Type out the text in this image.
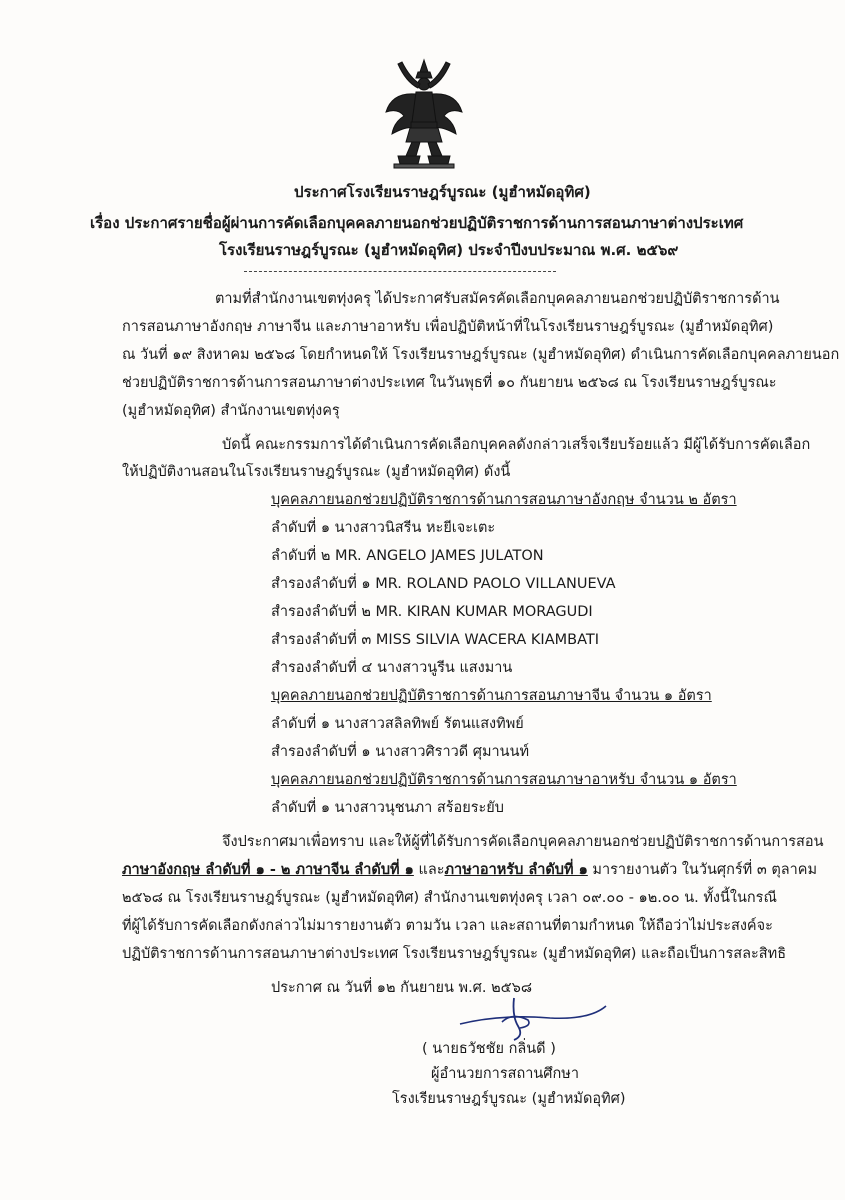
ประกาศโรงเรียนราษฎร์บูรณะ (มูฮำหมัดอุทิศ)
เรื่อง ประกาศรายชื่อผู้ผ่านการคัดเลือกบุคคลภายนอกช่วยปฏิบัติราชการด้านการสอนภาษาต่างประเทศ
โรงเรียนราษฎร์บูรณะ (มูฮำหมัดอุทิศ) ประจำปีงบประมาณ พ.ศ. ๒๕๖๙
ตามที่สำนักงานเขตทุ่งครุ ได้ประกาศรับสมัครคัดเลือกบุคคลภายนอกช่วยปฏิบัติราชการด้าน
การสอนภาษาอังกฤษ ภาษาจีน และภาษาอาหรับ เพื่อปฏิบัติหน้าที่ในโรงเรียนราษฎร์บูรณะ (มูฮำหมัดอุทิศ)
ณ วันที่ ๑๙ สิงหาคม ๒๕๖๘ โดยกำหนดให้ โรงเรียนราษฎร์บูรณะ (มูฮำหมัดอุทิศ) ดำเนินการคัดเลือกบุคคลภายนอก
ช่วยปฏิบัติราชการด้านการสอนภาษาต่างประเทศ ในวันพุธที่ ๑๐ กันยายน ๒๕๖๘ ณ โรงเรียนราษฎร์บูรณะ
(มูฮำหมัดอุทิศ) สำนักงานเขตทุ่งครุ
บัดนี้ คณะกรรมการได้ดำเนินการคัดเลือกบุคคลดังกล่าวเสร็จเรียบร้อยแล้ว มีผู้ได้รับการคัดเลือก
ให้ปฏิบัติงานสอนในโรงเรียนราษฎร์บูรณะ (มูฮำหมัดอุทิศ) ดังนี้
บุคคลภายนอกช่วยปฏิบัติราชการด้านการสอนภาษาอังกฤษ จำนวน ๒ อัตรา
ลำดับที่ ๑ นางสาวนิสรีน หะยีเจะเตะ
ลำดับที่ ๒ MR. ANGELO JAMES JULATON
สำรองลำดับที่ ๑ MR. ROLAND PAOLO VILLANUEVA
สำรองลำดับที่ ๒ MR. KIRAN KUMAR MORAGUDI
สำรองลำดับที่ ๓ MISS SILVIA WACERA KIAMBATI
สำรองลำดับที่ ๔ นางสาวนูรีน แสงมาน
บุคคลภายนอกช่วยปฏิบัติราชการด้านการสอนภาษาจีน จำนวน ๑ อัตรา
ลำดับที่ ๑ นางสาวสลิลทิพย์ รัตนแสงทิพย์
สำรองลำดับที่ ๑ นางสาวศิราวดี ศุมานนท์
บุคคลภายนอกช่วยปฏิบัติราชการด้านการสอนภาษาอาหรับ จำนวน ๑ อัตรา
ลำดับที่ ๑ นางสาวนุชนภา สร้อยระยับ
จึงประกาศมาเพื่อทราบ และให้ผู้ที่ได้รับการคัดเลือกบุคคลภายนอกช่วยปฏิบัติราชการด้านการสอน
ภาษาอังกฤษ ลำดับที่ ๑ - ๒ ภาษาจีน ลำดับที่ ๑ และภาษาอาหรับ ลำดับที่ ๑ มารายงานตัว ในวันศุกร์ที่ ๓ ตุลาคม
๒๕๖๘ ณ โรงเรียนราษฎร์บูรณะ (มูฮำหมัดอุทิศ) สำนักงานเขตทุ่งครุ เวลา ๐๙.๐๐ - ๑๒.๐๐ น. ทั้งนี้ในกรณี
ที่ผู้ได้รับการคัดเลือกดังกล่าวไม่มารายงานตัว ตามวัน เวลา และสถานที่ตามกำหนด ให้ถือว่าไม่ประสงค์จะ
ปฏิบัติราชการด้านการสอนภาษาต่างประเทศ โรงเรียนราษฎร์บูรณะ (มูฮำหมัดอุทิศ) และถือเป็นการสละสิทธิ
ประกาศ ณ วันที่ ๑๒ กันยายน พ.ศ. ๒๕๖๘
( นายธวัชชัย กลิ่นดี )
ผู้อำนวยการสถานศึกษา
โรงเรียนราษฎร์บูรณะ (มูฮำหมัดอุทิศ)
